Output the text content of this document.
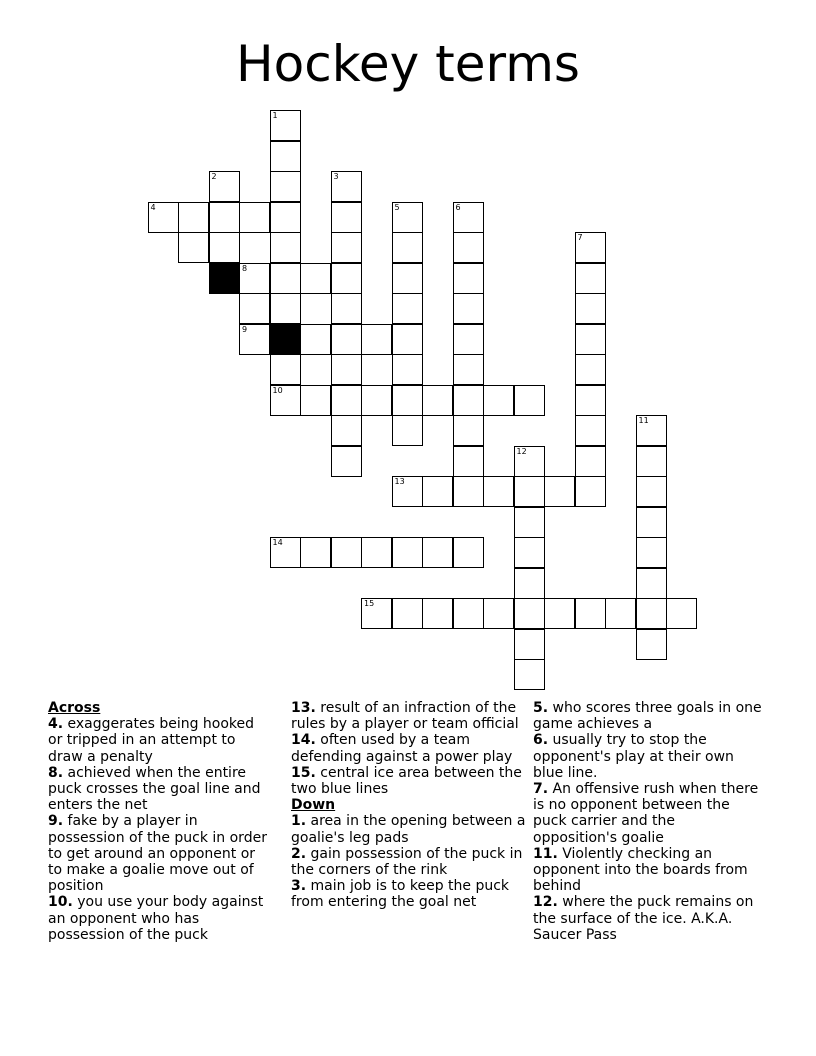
Hockey terms
4
8
9
10
13
14
15
1
2	3
5	6
7
11
12
Across
4. exaggerates being hooked or tripped in an attempt to draw a penalty
8. achieved when the entire puck crosses the goal line and enters the net
9. fake by a player in possession of the puck in order to get around an opponent or to make a goalie move out of position
10. you use your body against an opponent who has possession of the puck
13. result of an infraction of the rules by a player or team official
14. often used by a team defending against a power play
15. central ice area between the two blue lines
Down
1. area in the opening between a goalie's leg pads
2. gain possession of the puck in the corners of the rink
3. main job is to keep the puck from entering the goal net
5. who scores three goals in one game achieves a
6. usually try to stop the opponent's play at their own blue line.
7. An offensive rush when there is no opponent between the puck carrier and the opposition's goalie
11. Violently checking an opponent into the boards from behind
12. where the puck remains on the surface of the ice. A.K.A. Saucer Pass
